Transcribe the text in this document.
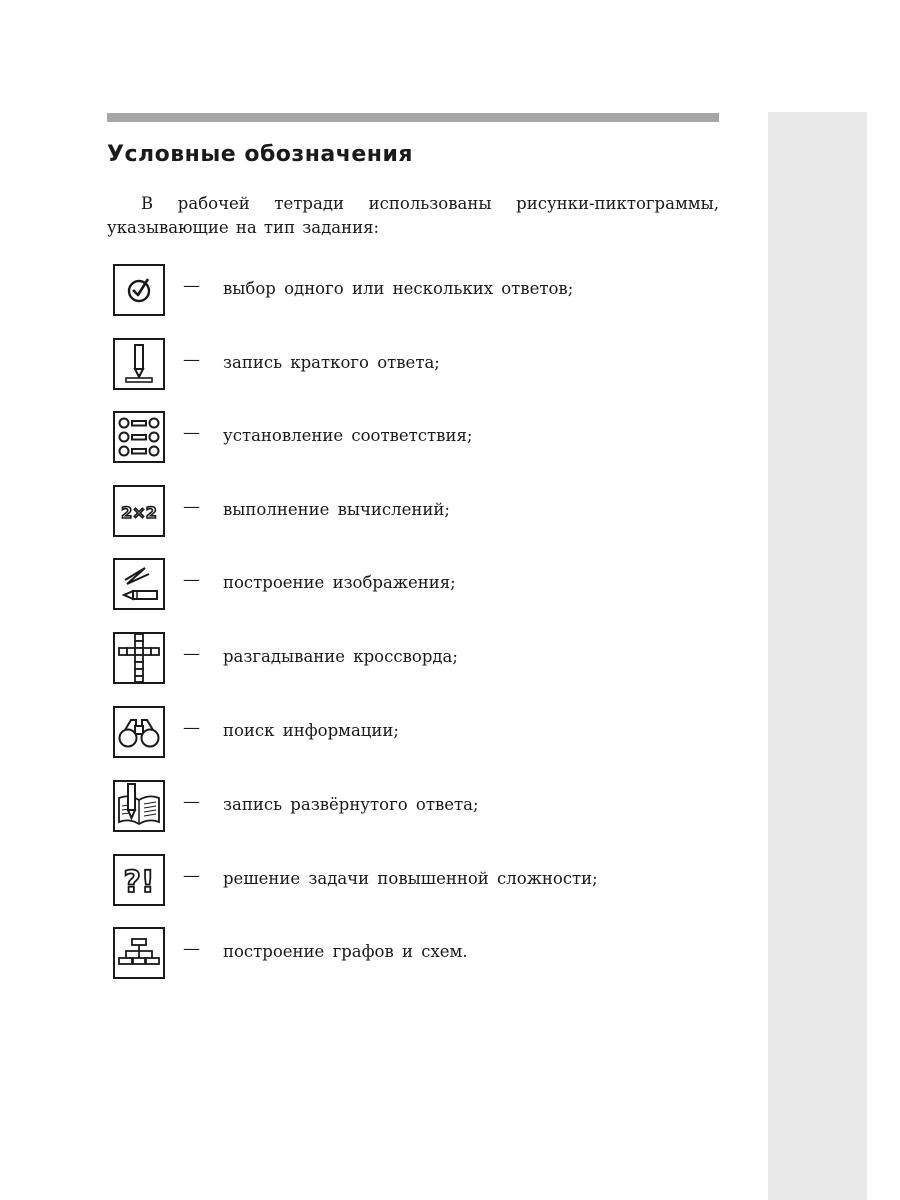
Условные обозначения

В рабочей тетради использованы рисунки-пиктограммы, указывающие на тип задания:

— выбор одного или нескольких ответов;
— запись краткого ответа;
— установление соответствия;
2×2 — выполнение вычислений;
— построение изображения;
— разгадывание кроссворда;
— поиск информации;
— запись развёрнутого ответа;
?! — решение задачи повышенной сложности;
— построение графов и схем.
